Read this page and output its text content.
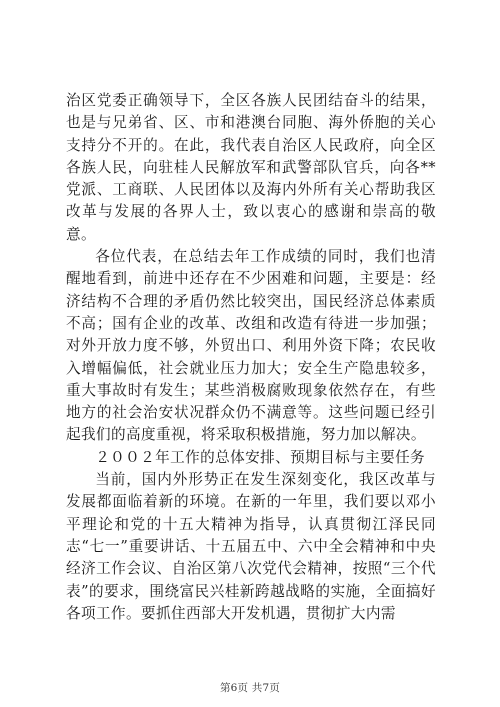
治区党委正确领导下，全区各族人民团结奋斗的结果，也是与兄弟省、区、市和港澳台同胞、海外侨胞的关心支持分不开的。在此，我代表自治区人民政府，向全区各族人民，向驻桂人民解放军和武警部队官兵，向各**党派、工商联、人民团体以及海内外所有关心帮助我区改革与发展的各界人士，致以衷心的感谢和崇高的敬意。

各位代表，在总结去年工作成绩的同时，我们也清醒地看到，前进中还存在不少困难和问题，主要是：经济结构不合理的矛盾仍然比较突出，国民经济总体素质不高；国有企业的改革、改组和改造有待进一步加强；对外开放力度不够，外贸出口、利用外资下降；农民收入增幅偏低，社会就业压力加大；安全生产隐患较多，重大事故时有发生；某些消极腐败现象依然存在，有些地方的社会治安状况群众仍不满意等。这些问题已经引起我们的高度重视，将采取积极措施，努力加以解决。

２００２年工作的总体安排、预期目标与主要任务

当前，国内外形势正在发生深刻变化，我区改革与发展都面临着新的环境。在新的一年里，我们要以邓小平理论和党的十五大精神为指导，认真贯彻江泽民同志“七一”重要讲话、十五届五中、六中全会精神和中央经济工作会议、自治区第八次党代会精神，按照“三个代表”的要求，围绕富民兴桂新跨越战略的实施，全面搞好各项工作。要抓住西部大开发机遇，贯彻扩大内需

第6页 共7页
